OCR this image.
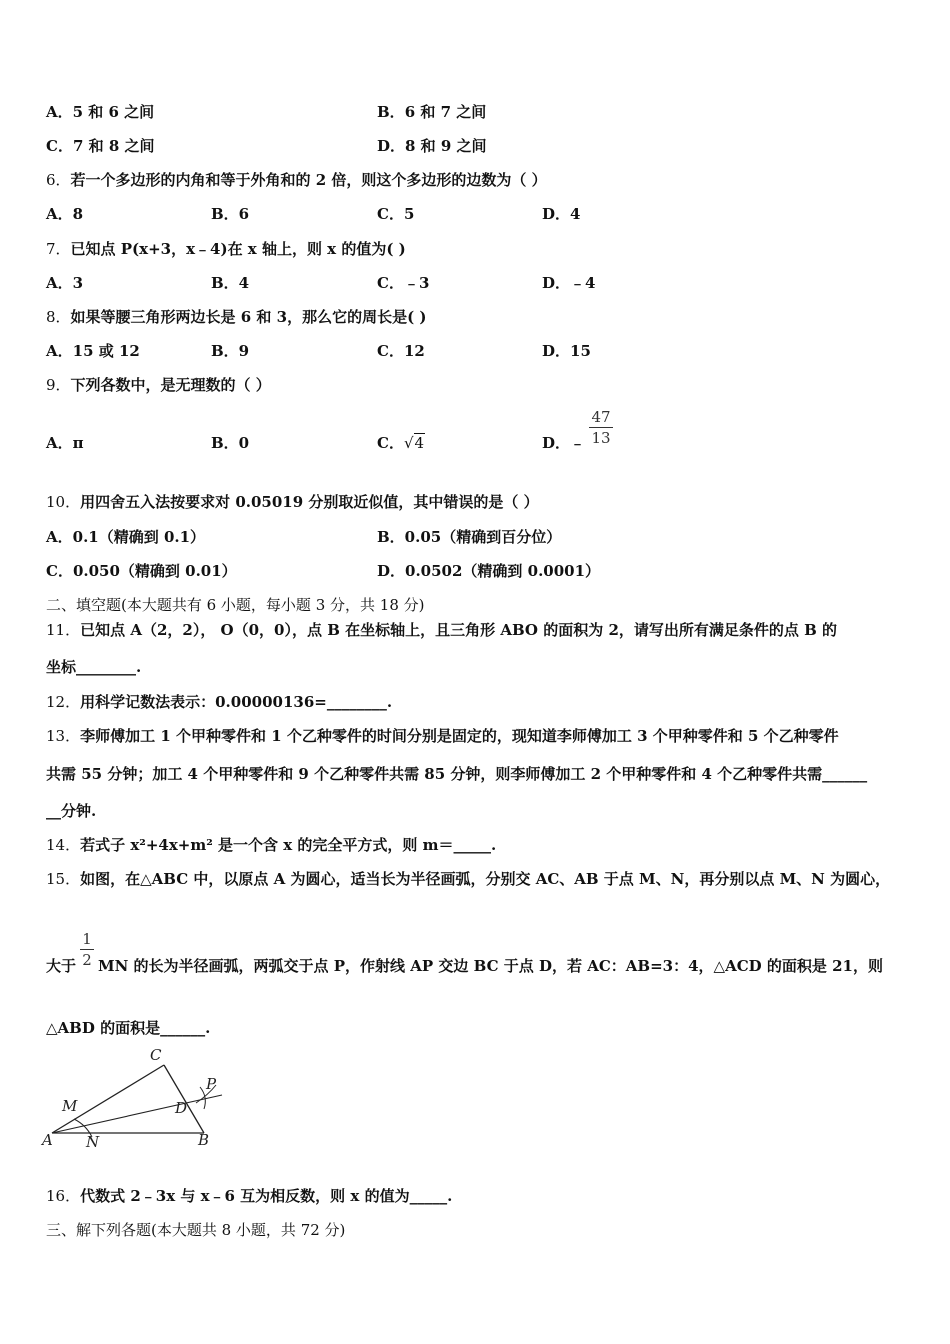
A．5 和 6 之间	B．6 和 7 之间
C．7 和 8 之间	D．8 和 9 之间
6．若一个多边形的内角和等于外角和的 2 倍，则这个多边形的边数为（ ）
A．8	B．6	C．5	D．4
7．已知点 P(x+3，x﹣4)在 x 轴上，则 x 的值为( )
A．3	B．4	C．﹣3	D．﹣4
8．如果等腰三角形两边长是 6 和 3，那么它的周长是( )
A．15 或 12	B．9	C．12	D．15
9．下列各数中，是无理数的（ ）
A．π	B．0	C．√4	D．﹣
47
13
10．用四舍五入法按要求对 0.05019 分别取近似值，其中错误的是（ ）
A．0.1（精确到 0.1）	B．0.05（精确到百分位）
C．0.050（精确到 0.01）	D．0.0502（精确到 0.0001）
二、填空题(本大题共有 6 小题，每小题 3 分，共 18 分)
11．已知点 A（2，2）， O（0，0），点 B 在坐标轴上，且三角形 ABO 的面积为 2，请写出所有满足条件的点 B 的
坐标________.
12．用科学记数法表示：0.00000136=________.
13．李师傅加工 1 个甲种零件和 1 个乙种零件的时间分别是固定的，现知道李师傅加工 3 个甲种零件和 5 个乙种零件
共需 55 分钟；加工 4 个甲种零件和 9 个乙种零件共需 85 分钟，则李师傅加工 2 个甲种零件和 4 个乙种零件共需______
__分钟.
14．若式子 x²+4x+m² 是一个含 x 的完全平方式，则 m＝_____.
15．如图，在△ABC 中，以原点 A 为圆心，适当长为半径画弧，分别交 AC、AB 于点 M、N，再分别以点 M、N 为圆心，
大于
1
2 MN 的长为半径画弧，两弧交于点 P，作射线 AP 交边 BC 于点 D，若 AC：AB=3：4，△ACD 的面积是 21，则
△ABD 的面积是______.
A	B
C
D
M
N
P
16．代数式 2﹣3x 与 x﹣6 互为相反数，则 x 的值为_____.
三、解下列各题(本大题共 8 小题，共 72 分)
